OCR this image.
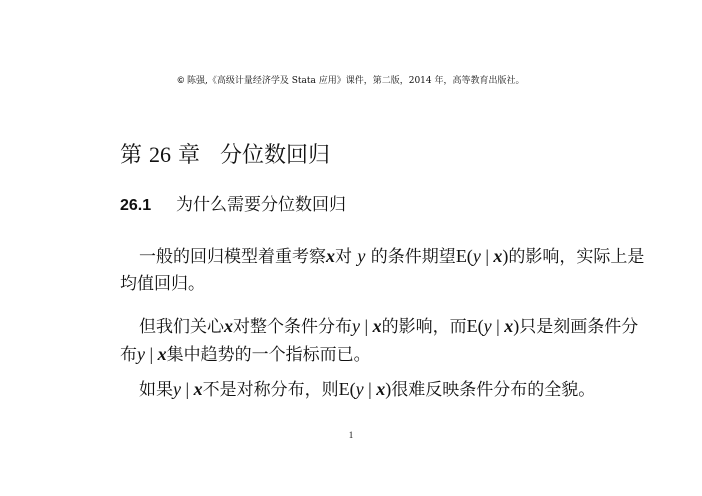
© 陈强,《高级计量经济学及 Stata 应用》课件，第二版，2014 年，高等教育出版社。
第 26 章 分位数回归
26.1 为什么需要分位数回归
一般的回归模型着重考察x对 y 的条件期望E(y | x)的影响，实际上是均值回归。
但我们关心x对整个条件分布y | x的影响，而E(y | x)只是刻画条件分布y | x集中趋势的一个指标而已。
如果y | x不是对称分布，则E(y | x)很难反映条件分布的全貌。
1
